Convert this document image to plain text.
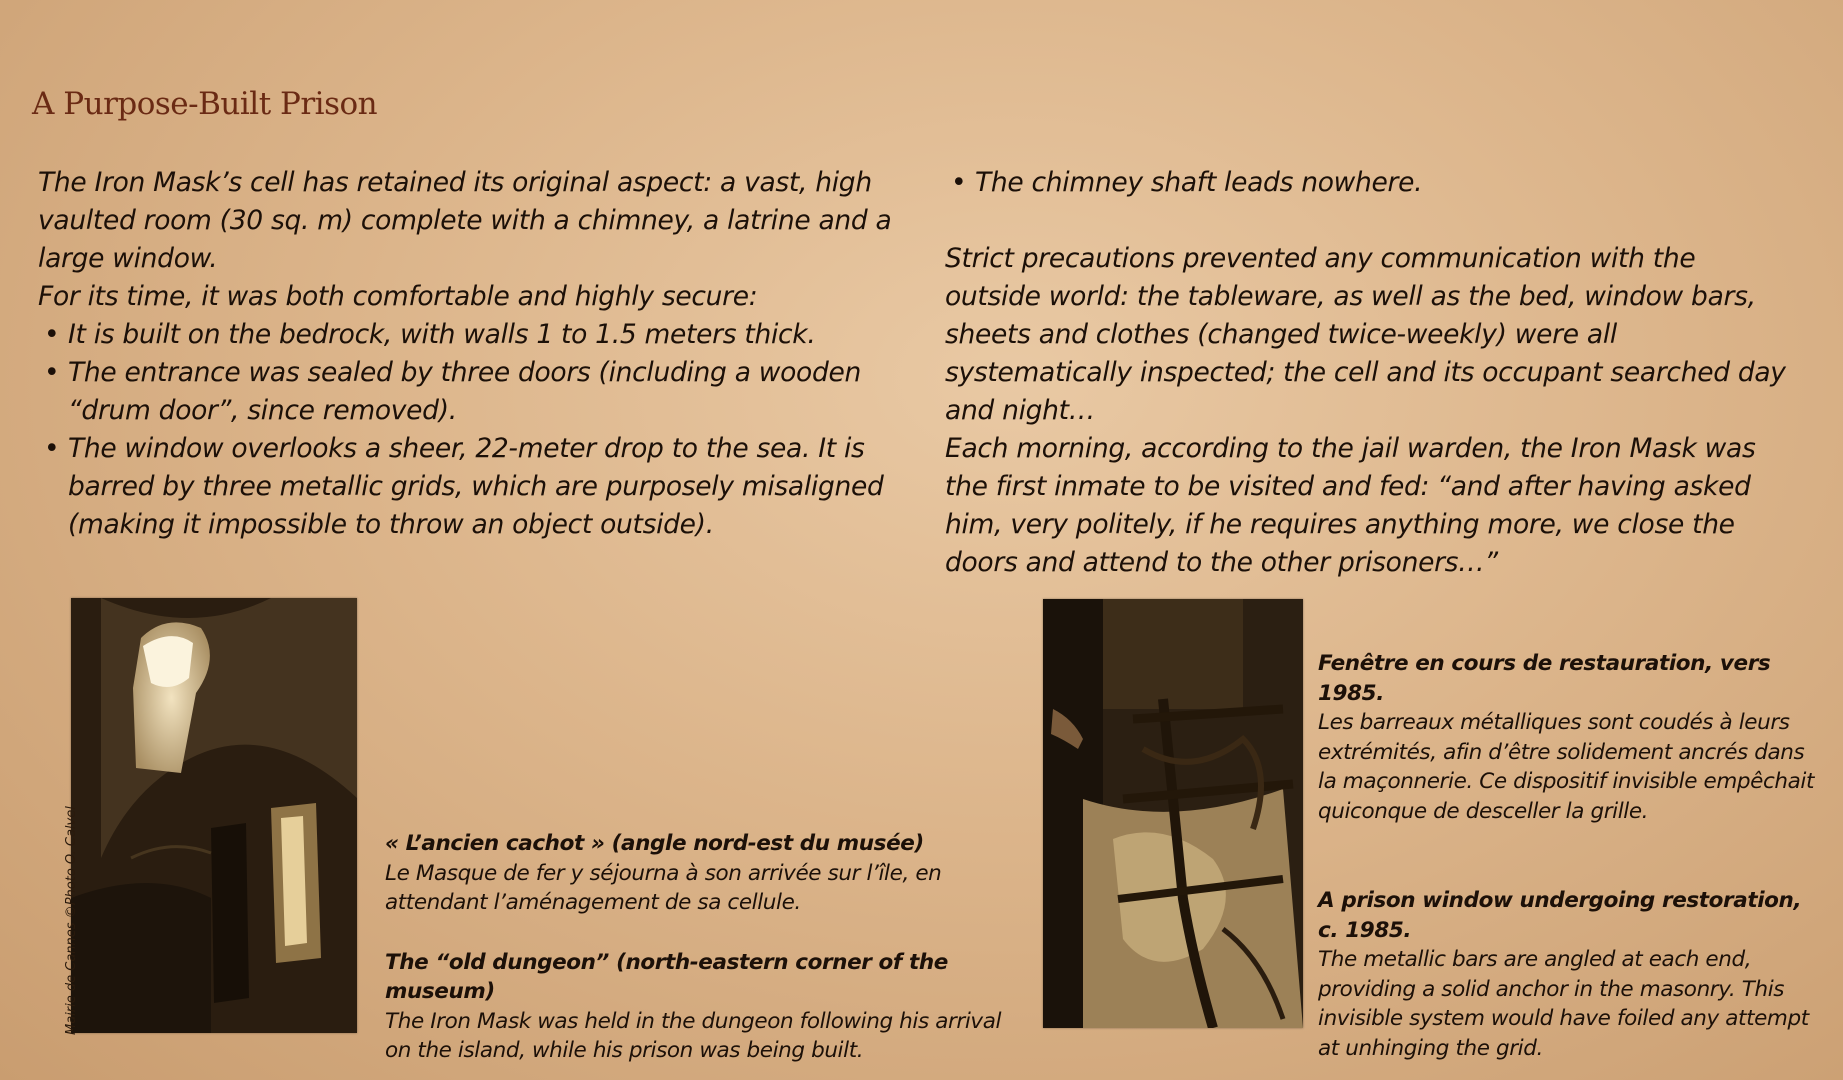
A Purpose-Built Prison

The Iron Mask’s cell has retained its original aspect: a vast, high vaulted room (30 sq. m) complete with a chimney, a latrine and a large window.

For its time, it was both comfortable and highly secure:

• It is built on the bedrock, with walls 1 to 1.5 meters thick.

• The entrance was sealed by three doors (including a wooden “drum door”, since removed).

• The window overlooks a sheer, 22-meter drop to the sea. It is barred by three metallic grids, which are purposely misaligned (making it impossible to throw an object outside).

• The chimney shaft leads nowhere.

Strict precautions prevented any communication with the outside world: the tableware, as well as the bed, window bars, sheets and clothes (changed twice-weekly) were all systematically inspected; the cell and its occupant searched day and night…

Each morning, according to the jail warden, the Iron Mask was the first inmate to be visited and fed: “and after having asked him, very politely, if he requires anything more, we close the doors and attend to the other prisoners…”

Mairie de Cannes ©Photo O. Calvel	« L’ancien cachot » (angle nord-est du musée)

Le Masque de fer y séjourna à son arrivée sur l’île, en attendant l’aménagement de sa cellule.

The “old dungeon” (north-eastern corner of the museum)

The Iron Mask was held in the dungeon following his arrival on the island, while his prison was being built.

Fenêtre en cours de restauration, vers 1985.

Les barreaux métalliques sont coudés à leurs extrémités, afin d’être solidement ancrés dans la maçonnerie. Ce dispositif invisible empêchait quiconque de desceller la grille.

A prison window undergoing restoration, c. 1985.

The metallic bars are angled at each end, providing a solid anchor in the masonry. This invisible system would have foiled any attempt at unhinging the grid.
